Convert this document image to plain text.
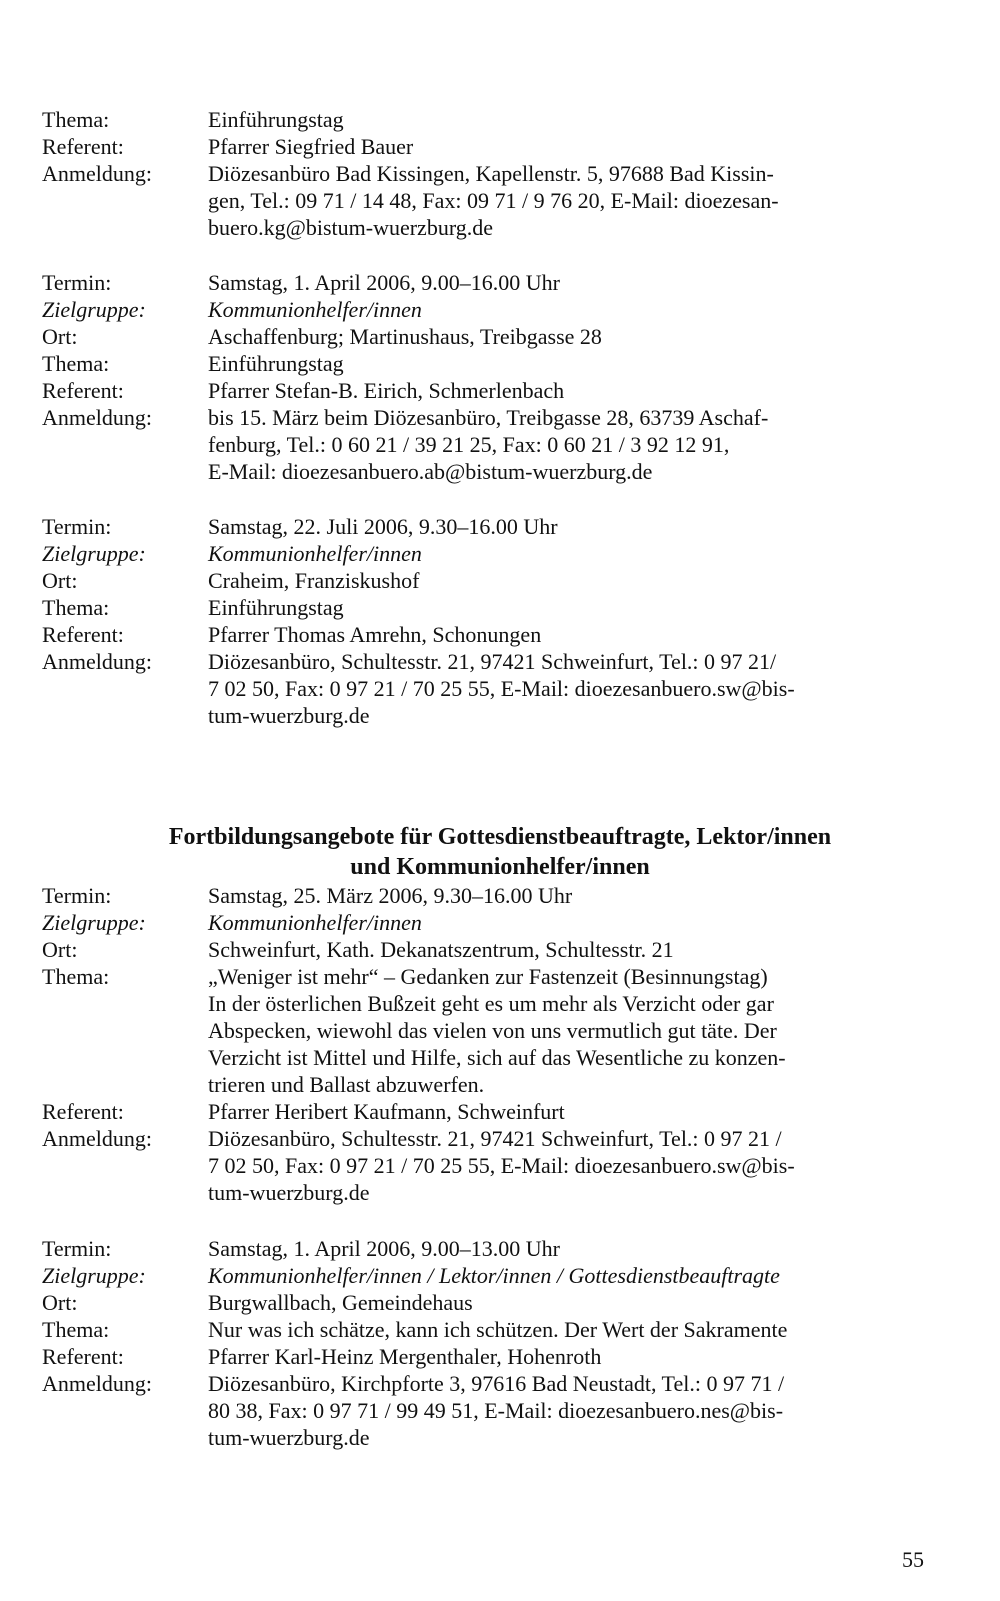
Thema:	Einführungstag
Referent:	Pfarrer Siegfried Bauer
Anmeldung:	Diözesanbüro Bad Kissingen, Kapellenstr. 5, 97688 Bad Kissin-
gen, Tel.: 09 71 / 14 48, Fax: 09 71 / 9 76 20, E-Mail: dioezesan-
buero.kg@bistum-wuerzburg.de
Termin:	Samstag, 1. April 2006, 9.00–16.00 Uhr
Zielgruppe:	Kommunionhelfer/innen
Ort:	Aschaffenburg; Martinushaus, Treibgasse 28
Thema:	Einführungstag
Referent:	Pfarrer Stefan-B. Eirich, Schmerlenbach
Anmeldung:	bis 15. März beim Diözesanbüro, Treibgasse 28, 63739 Aschaf-
fenburg, Tel.: 0 60 21 / 39 21 25, Fax: 0 60 21 / 3 92 12 91,
E-Mail: dioezesanbuero.ab@bistum-wuerzburg.de
Termin:	Samstag, 22. Juli 2006, 9.30–16.00 Uhr
Zielgruppe:	Kommunionhelfer/innen
Ort:	Craheim, Franziskushof
Thema:	Einführungstag
Referent:	Pfarrer Thomas Amrehn, Schonungen
Anmeldung:	Diözesanbüro, Schultesstr. 21, 97421 Schweinfurt, Tel.: 0 97 21/
7 02 50, Fax: 0 97 21 / 70 25 55, E-Mail: dioezesanbuero.sw@bis-
tum-wuerzburg.de
Fortbildungsangebote für Gottesdienstbeauftragte, Lektor/innen
und Kommunionhelfer/innen
Termin:	Samstag, 25. März 2006, 9.30–16.00 Uhr
Zielgruppe:	Kommunionhelfer/innen
Ort:	Schweinfurt, Kath. Dekanatszentrum, Schultesstr. 21
Thema:	„Weniger ist mehr“ – Gedanken zur Fastenzeit (Besinnungstag)
In der österlichen Bußzeit geht es um mehr als Verzicht oder gar
Abspecken, wiewohl das vielen von uns vermutlich gut täte. Der
Verzicht ist Mittel und Hilfe, sich auf das Wesentliche zu konzen-
trieren und Ballast abzuwerfen.
Referent:	Pfarrer Heribert Kaufmann, Schweinfurt
Anmeldung:	Diözesanbüro, Schultesstr. 21, 97421 Schweinfurt, Tel.: 0 97 21 /
7 02 50, Fax: 0 97 21 / 70 25 55, E-Mail: dioezesanbuero.sw@bis-
tum-wuerzburg.de
Termin:	Samstag, 1. April 2006, 9.00–13.00 Uhr
Zielgruppe:	Kommunionhelfer/innen / Lektor/innen / Gottesdienstbeauftragte
Ort:	Burgwallbach, Gemeindehaus
Thema:	Nur was ich schätze, kann ich schützen. Der Wert der Sakramente
Referent:	Pfarrer Karl-Heinz Mergenthaler, Hohenroth
Anmeldung:	Diözesanbüro, Kirchpforte 3, 97616 Bad Neustadt, Tel.: 0 97 71 /
80 38, Fax: 0 97 71 / 99 49 51, E-Mail: dioezesanbuero.nes@bis-
tum-wuerzburg.de
55
